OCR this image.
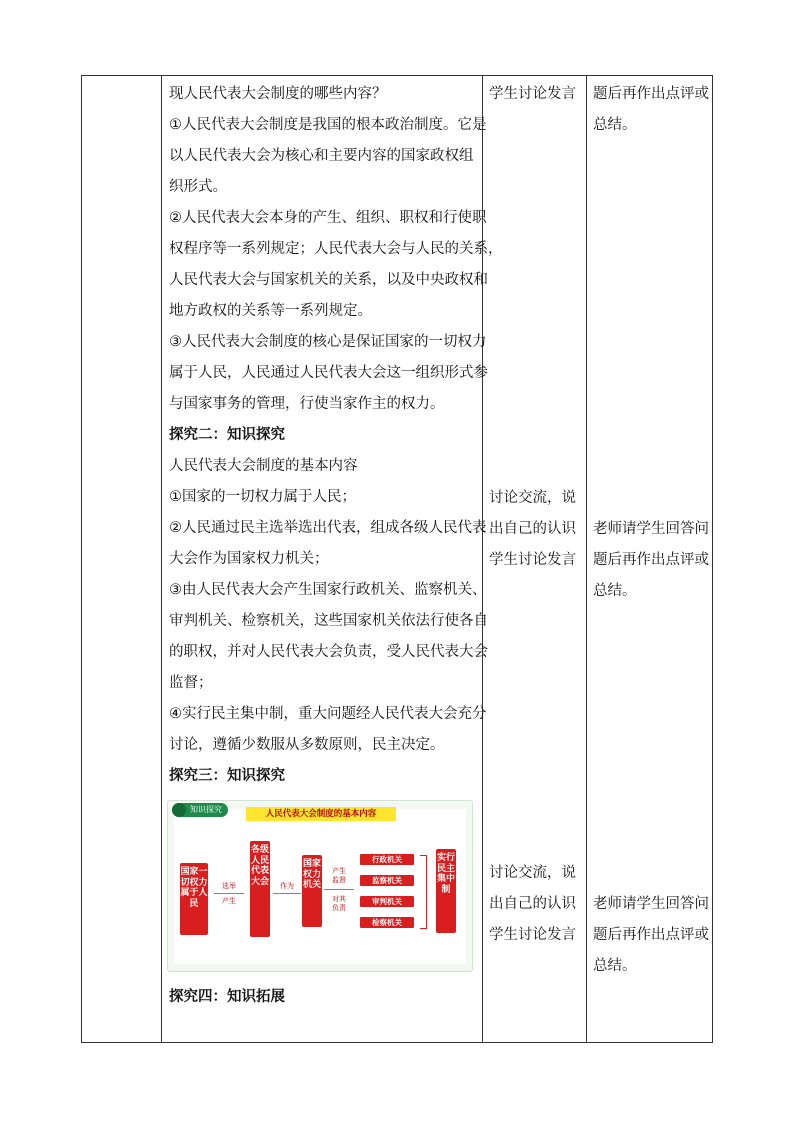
现人民代表大会制度的哪些内容？
①人民代表大会制度是我国的根本政治制度。它是
以人民代表大会为核心和主要内容的国家政权组
织形式。
②人民代表大会本身的产生、组织、职权和行使职
权程序等一系列规定；人民代表大会与人民的关系，
人民代表大会与国家机关的关系，以及中央政权和
地方政权的关系等一系列规定。
③人民代表大会制度的核心是保证国家的一切权力
属于人民，人民通过人民代表大会这一组织形式参
与国家事务的管理，行使当家作主的权力。
探究二：知识探究
人民代表大会制度的基本内容
①国家的一切权力属于人民；
②人民通过民主选举选出代表，组成各级人民代表
大会作为国家权力机关；
③由人民代表大会产生国家行政机关、监察机关、
审判机关、检察机关，这些国家机关依法行使各自
的职权，并对人民代表大会负责，受人民代表大会
监督；
④实行民主集中制，重大问题经人民代表大会充分
讨论，遵循少数服从多数原则，民主决定。
探究三：知识探究
国家一切权力属于人民
选举
产生
各级人民代表大会	作为
国家权力机关
产生
监督
对其
负责
行政机关
监察机关
审判机关
检察机关
实行民主集中制
知识探究	人民代表大会制度的基本内容
探究四：知识拓展
学生讨论发言
讨论交流，说
出自己的认识
学生讨论发言
讨论交流，说
出自己的认识
学生讨论发言
题后再作出点评或
总结。
老师请学生回答问
题后再作出点评或
总结。
老师请学生回答问
题后再作出点评或
总结。
